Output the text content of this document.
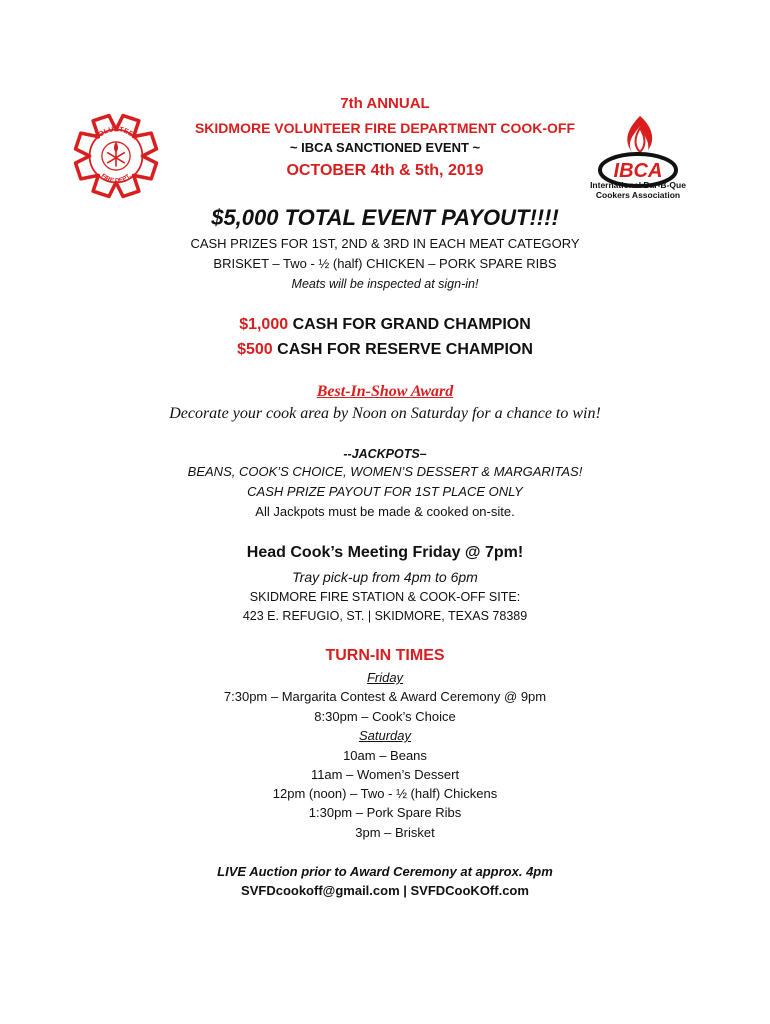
VOLUNTEER
FIRE DEPT.	IBCA
International Bar-B-Que
Cookers Association
7th ANNUAL
SKIDMORE VOLUNTEER FIRE DEPARTMENT COOK-OFF
~ IBCA SANCTIONED EVENT ~
OCTOBER 4th & 5th, 2019
$5,000 TOTAL EVENT PAYOUT!!!!
CASH PRIZES FOR 1ST, 2ND & 3RD IN EACH MEAT CATEGORY
BRISKET – Two - ½ (half) CHICKEN – PORK SPARE RIBS
Meats will be inspected at sign-in!
$1,000 CASH FOR GRAND CHAMPION
$500 CASH FOR RESERVE CHAMPION
Best-In-Show Award
Decorate your cook area by Noon on Saturday for a chance to win!
--JACKPOTS–
BEANS, COOK’S CHOICE, WOMEN’S DESSERT & MARGARITAS!
CASH PRIZE PAYOUT FOR 1ST PLACE ONLY
All Jackpots must be made & cooked on-site.
Head Cook’s Meeting Friday @ 7pm!
Tray pick-up from 4pm to 6pm
SKIDMORE FIRE STATION & COOK-OFF SITE:
423 E. REFUGIO, ST. | SKIDMORE, TEXAS 78389
TURN-IN TIMES
Friday
7:30pm – Margarita Contest & Award Ceremony @ 9pm
8:30pm – Cook’s Choice
Saturday
10am – Beans
11am – Women’s Dessert
12pm (noon) – Two - ½ (half) Chickens
1:30pm – Pork Spare Ribs
3pm – Brisket
LIVE Auction prior to Award Ceremony at approx. 4pm
SVFDcookoff@gmail.com | SVFDCooKOff.com
